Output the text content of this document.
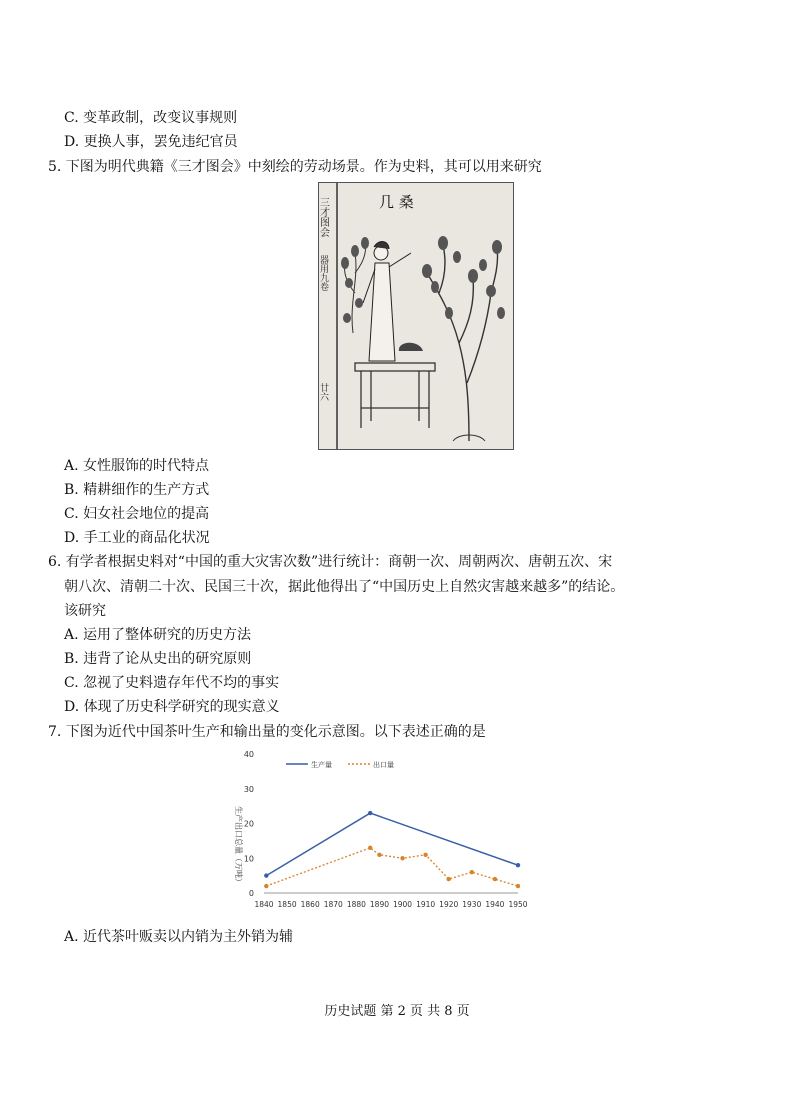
C. 变革政制，改变议事规则
D. 更换人事，罢免违纪官员
5. 下图为明代典籍《三才图会》中刻绘的劳动场景。作为史料，其可以用来研究
三才图会
器用九卷
廿六
几 桑
A. 女性服饰的时代特点
B. 精耕细作的生产方式
C. 妇女社会地位的提高
D. 手工业的商品化状况
6. 有学者根据史料对“中国的重大灾害次数”进行统计：商朝一次、周朝两次、唐朝五次、宋
朝八次、清朝二十次、民国三十次，据此他得出了“中国历史上自然灾害越来越多”的结论。
该研究
A. 运用了整体研究的历史方法
B. 违背了论从史出的研究原则
C. 忽视了史料遗存年代不均的事实
D. 体现了历史科学研究的现实意义
7. 下图为近代中国茶叶生产和输出量的变化示意图。以下表述正确的是
生产出口总量（万吨）
0
10
20
30
40
1840 1850 1860 1870 1880 1890 1900 1910 1920 1930 1940 1950
生产量	出口量
A. 近代茶叶贩卖以内销为主外销为辅
历史试题 第 2 页 共 8 页
